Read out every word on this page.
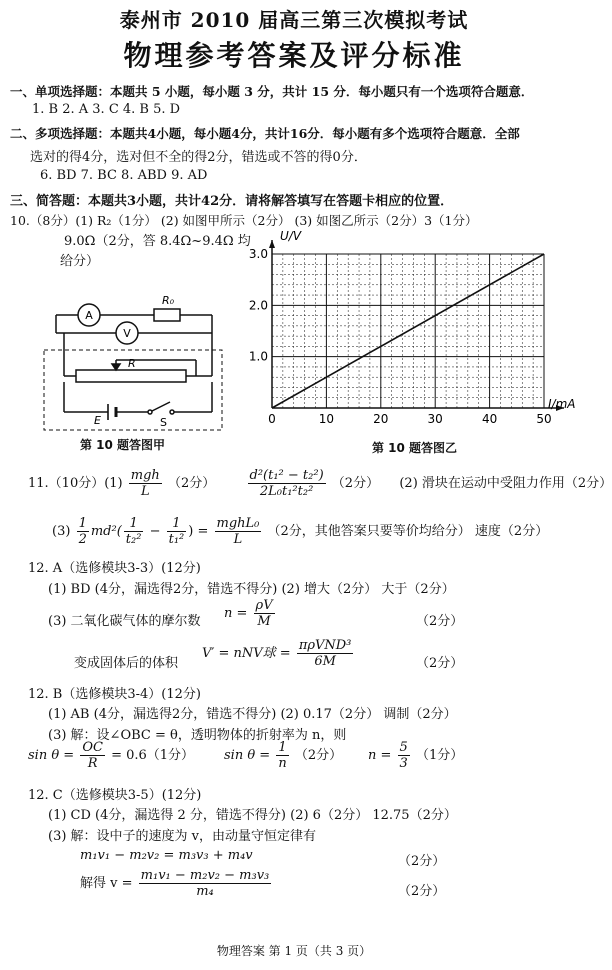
泰州市 2010 届高三第三次模拟考试
物理参考答案及评分标准
一、单项选择题：本题共 5 小题，每小题 3 分，共计 15 分．每小题只有一个选项符合题意．
1. B 2. A 3. C 4. B 5. D
二、多项选择题：本题共4小题，每小题4分，共计16分．每小题有多个选项符合题意．全部
选对的得4分，选对但不全的得2分，错选或不答的得0分．
6. BD 7. BC 8. ABD 9. AD
三、简答题：本题共3小题，共计42分．请将解答填写在答题卡相应的位置．
10.（8分）(1) R₂（1分） (2) 如图甲所示（2分） (3) 如图乙所示（2分）3（1分）
9.0Ω（2分，答 8.4Ω~9.4Ω 均
给分）
A
V
R₀
R
E	S
第 10 题答图甲
0	10	20	30	40	50
1.0
2.0
3.0
I/mA
U/V
第 10 题答图乙
11.（10分）$(1) \frac{\text{mgh}}{L} (2$分） $\frac{\text{d²(t₁² − t₂²)}}{\text{2L₀t₁²t₂²}} (2$分） (2) 滑块在运动中受阻力作用（2分）
$(3) \frac{1}{2} md^2( \frac{1}{\text{t₂²}} - \frac{1}{\text{t₁²}}$ ) = $\frac{\text{mghL₀}}{L} (2$分，其他答案只要等价均给分） 速度（2分）
12. A（选修模块3-3）(12分)
(1) BD (4分，漏选得2分，错选不得分) (2) 增大（2分） 大于（2分）
(3) 二氧化碳气体的摩尔数
$n = \frac{\rho V}{M}$	（2分）
变成固体后的体积
V′ = nNV球 = $\frac{\text{πρVND³}}{6M}$	（2分）
12. B（选修模块3-4）(12分)
(1) AB (4分，漏选得2分，错选不得分) (2) 0.17（2分） 调制（2分）
(3) 解：设∠OBC = θ，透明物体的折射率为 n，则
$\sin \theta = \frac{OC}{R} = 0.6(1$分） $\sin \theta = \frac{1}{n} (2$分） $n = \frac{5}{3} (1$分）
12. C（选修模块3-5）(12分)
(1) CD (4分，漏选得 2 分，错选不得分) (2) 6（2分） 12.75（2分）
(3) 解：设中子的速度为 v，由动量守恒定律有
m₁v₁ − m₂v₂ = m₃v₃ + m₄v	（2分）
解得 $v = \frac{\text{m₁v₁ − m₂v₂ − m₃v₃}}{\text{m₄}}$	（2分）
物理答案 第 1 页（共 3 页）
